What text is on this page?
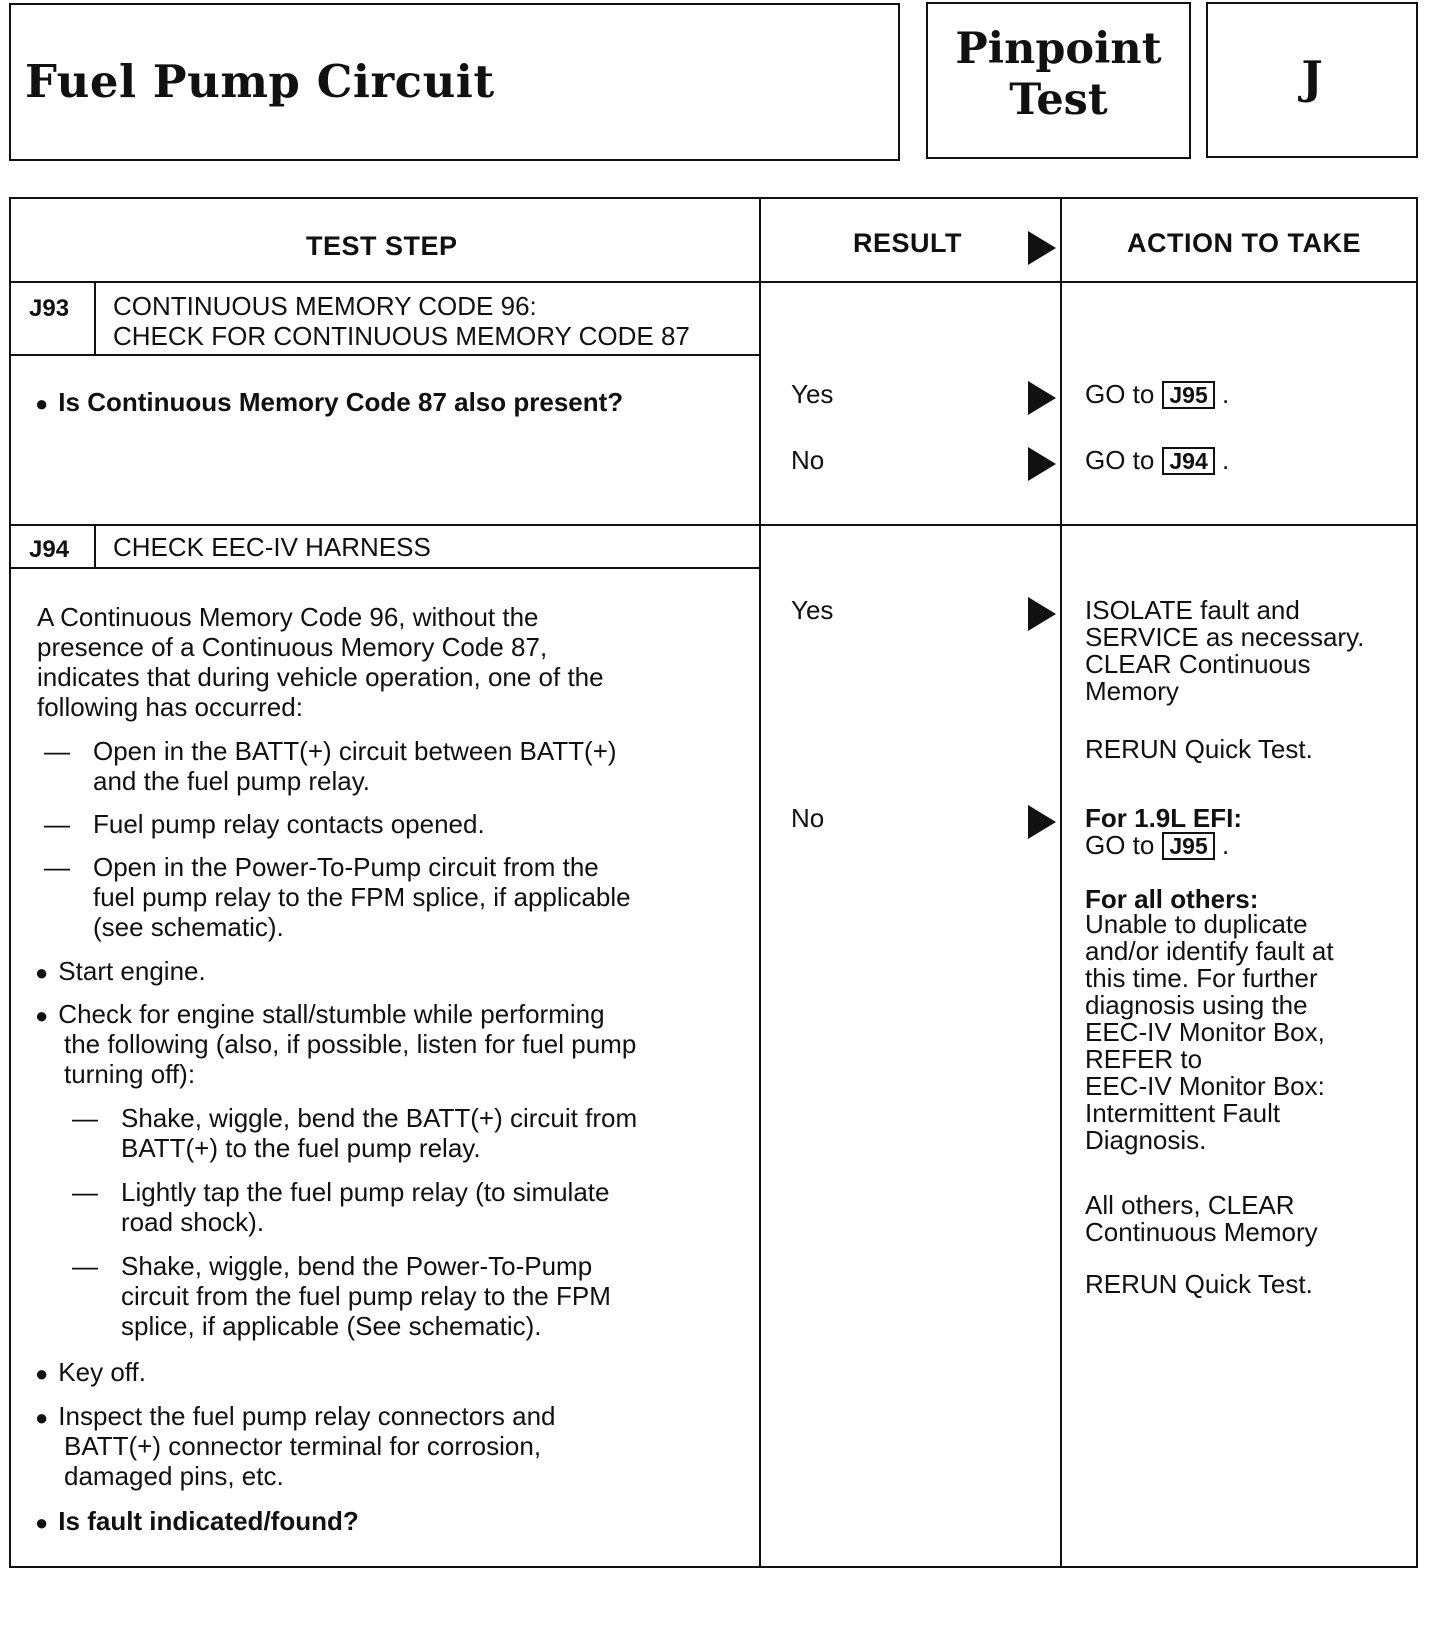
Fuel Pump Circuit
Pinpoint
Test	J
TEST STEP	RESULT	ACTION TO TAKE
J93 CONTINUOUS MEMORY CODE 96:
CHECK FOR CONTINUOUS MEMORY CODE 87
● Is Continuous Memory Code 87 also present?	Yes	GO to J95 .
No	GO to J94 .
J94 CHECK EEC-IV HARNESS
A Continuous Memory Code 96, without the
presence of a Continuous Memory Code 87,
indicates that during vehicle operation, one of the
following has occurred:
— Open in the BATT(+) circuit between BATT(+)
and the fuel pump relay.
— Fuel pump relay contacts opened.
— Open in the Power-To-Pump circuit from the
fuel pump relay to the FPM splice, if applicable
(see schematic).
● Start engine.
● Check for engine stall/stumble while performing
the following (also, if possible, listen for fuel pump
turning off):
— Shake, wiggle, bend the BATT(+) circuit from
BATT(+) to the fuel pump relay.
— Lightly tap the fuel pump relay (to simulate
road shock).
— Shake, wiggle, bend the Power-To-Pump
circuit from the fuel pump relay to the FPM
splice, if applicable (See schematic).
● Key off.
● Inspect the fuel pump relay connectors and
BATT(+) connector terminal for corrosion,
damaged pins, etc.
● Is fault indicated/found?
Yes	ISOLATE fault and
SERVICE as necessary.
CLEAR Continuous
Memory
RERUN Quick Test.
No	For 1.9L EFI:
GO to J95 .
For all others:
Unable to duplicate
and/or identify fault at
this time. For further
diagnosis using the
EEC-IV Monitor Box,
REFER to
EEC-IV Monitor Box:
Intermittent Fault
Diagnosis.
All others, CLEAR
Continuous Memory
RERUN Quick Test.
